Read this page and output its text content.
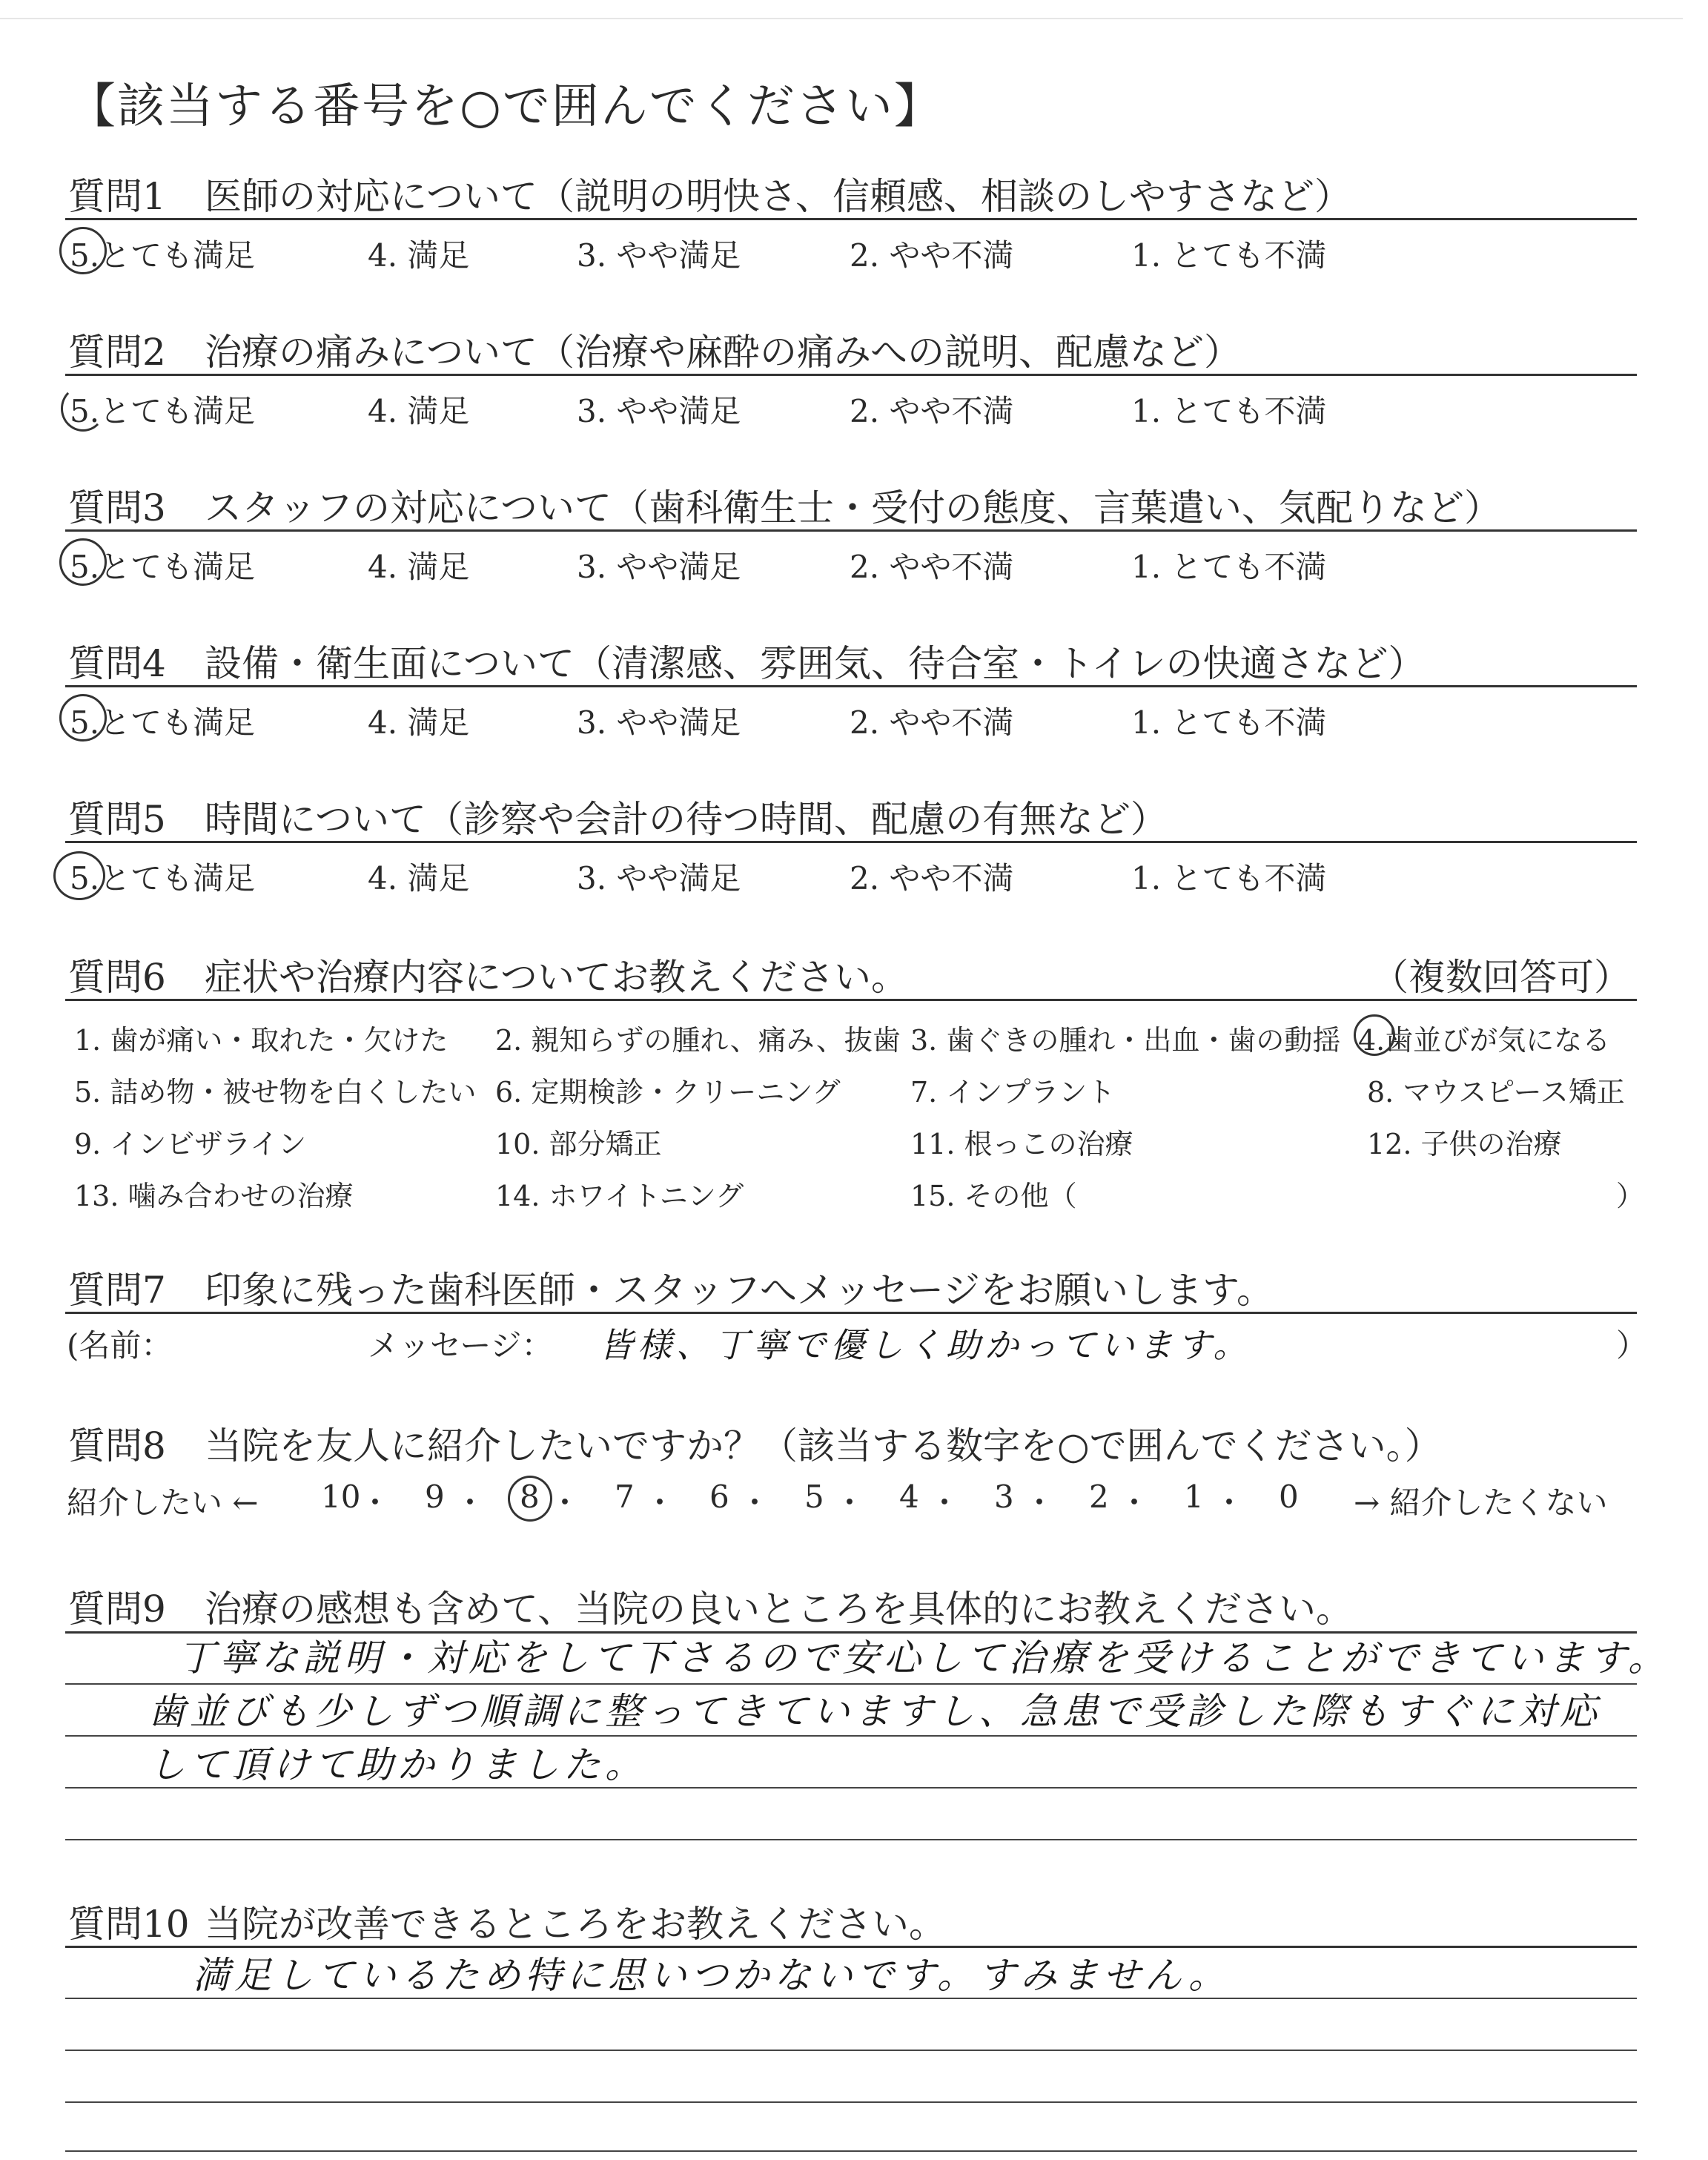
【該当する番号を○で囲んでください】
質問1 医師の対応について（説明の明快さ、信頼感、相談のしやすさなど）
5.とても満足	4. 満足	3. やや満足	2. やや不満	1. とても不満
質問2 治療の痛みについて（治療や麻酔の痛みへの説明、配慮など）
5.とても満足	4. 満足	3. やや満足	2. やや不満	1. とても不満
質問3 スタッフの対応について（歯科衛生士・受付の態度、言葉遣い、気配りなど）
5.とても満足	4. 満足	3. やや満足	2. やや不満	1. とても不満
質問4 設備・衛生面について（清潔感、雰囲気、待合室・トイレの快適さなど）
5.とても満足	4. 満足	3. やや満足	2. やや不満	1. とても不満
質問5 時間について（診察や会計の待つ時間、配慮の有無など）
5.とても満足	4. 満足	3. やや満足	2. やや不満	1. とても不満
質問6 症状や治療内容についてお教えください。	（複数回答可）
1. 歯が痛い・取れた・欠けた 2. 親知らずの腫れ、痛み、抜歯 3. 歯ぐきの腫れ・出血・歯の動揺 4.歯並びが気になる
5. 詰め物・被せ物を白くしたい 6. 定期検診・クリーニング 7. インプラント	8. マウスピース矯正
9. インビザライン	10. 部分矯正	11. 根っこの治療	12. 子供の治療
13. 噛み合わせの治療	14. ホワイトニング	15. その他（	）
質問7 印象に残った歯科医師・スタッフへメッセージをお願いします。
(名前：	メッセージ： 皆様、丁寧で優しく助かっています。	）
質問8 当院を友人に紹介したいですか？（該当する数字を○で囲んでください。）
紹介したい ←	→ 紹介したくない
10
・ 9 ・ 8 ・ 7 ・ 6 ・ 5 ・ 4 ・ 3 ・ 2 ・ 1 ・ 0
質問9 治療の感想も含めて、当院の良いところを具体的にお教えください。
丁寧な説明・対応をして下さるので安心して治療を受けることができています。
歯並びも少しずつ順調に整ってきていますし、急患で受診した際もすぐに対応
して頂けて助かりました。
質問10 当院が改善できるところをお教えください。
満足しているため特に思いつかないです。すみません。
